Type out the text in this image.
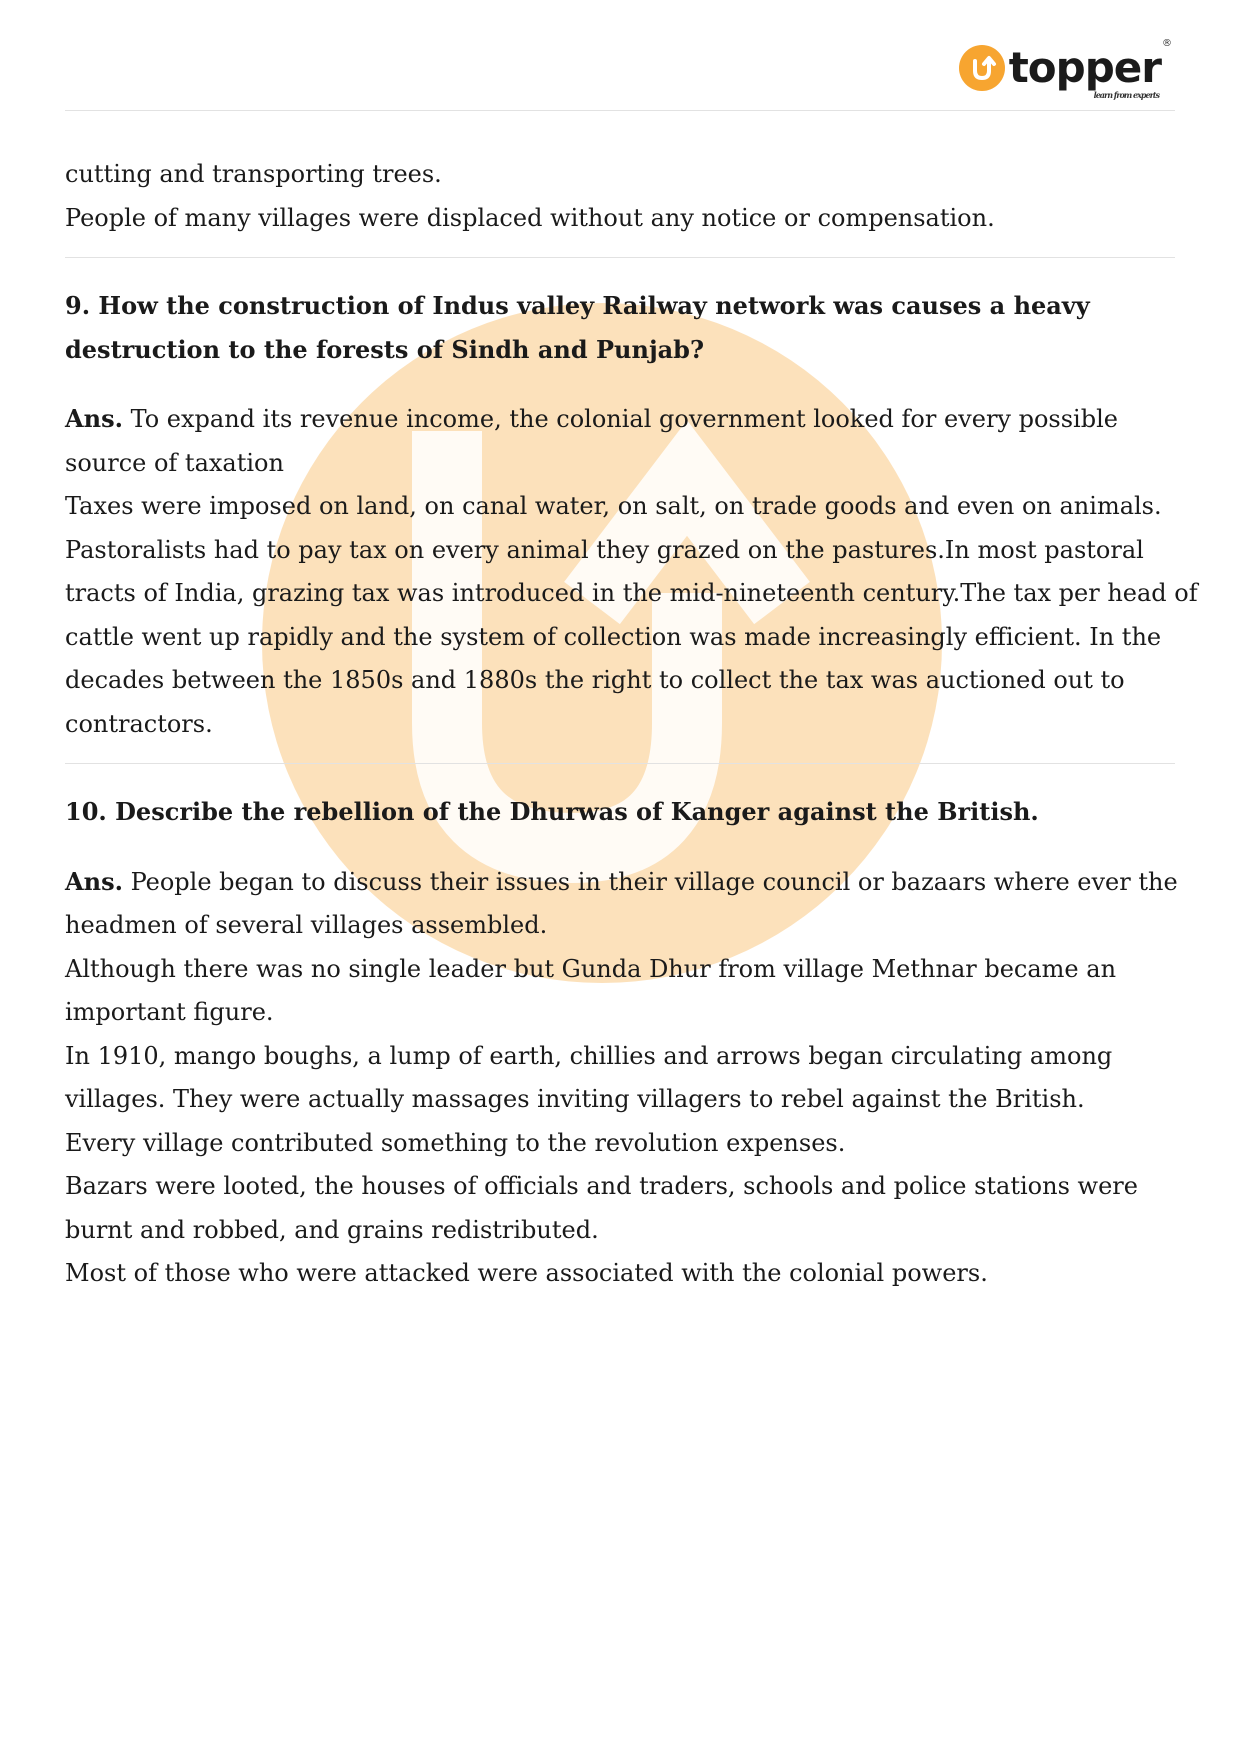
topper ®
learn from experts

cutting and transporting trees.

People of many villages were displaced without any notice or compensation.

9. How the construction of Indus valley Railway network was causes a heavy

destruction to the forests of Sindh and Punjab?

Ans. To expand its revenue income, the colonial government looked for every possible

source of taxation

Taxes were imposed on land, on canal water, on salt, on trade goods and even on animals.

Pastoralists had to pay tax on every animal they grazed on the pastures.In most pastoral

tracts of India, grazing tax was introduced in the mid-nineteenth century.The tax per head of

cattle went up rapidly and the system of collection was made increasingly efficient. In the

decades between the 1850s and 1880s the right to collect the tax was auctioned out to

contractors.

10. Describe the rebellion of the Dhurwas of Kanger against the British.

Ans. People began to discuss their issues in their village council or bazaars where ever the

headmen of several villages assembled.

Although there was no single leader but Gunda Dhur from village Methnar became an

important figure.

In 1910, mango boughs, a lump of earth, chillies and arrows began circulating among

villages. They were actually massages inviting villagers to rebel against the British.

Every village contributed something to the revolution expenses.

Bazars were looted, the houses of officials and traders, schools and police stations were

burnt and robbed, and grains redistributed.

Most of those who were attacked were associated with the colonial powers.
